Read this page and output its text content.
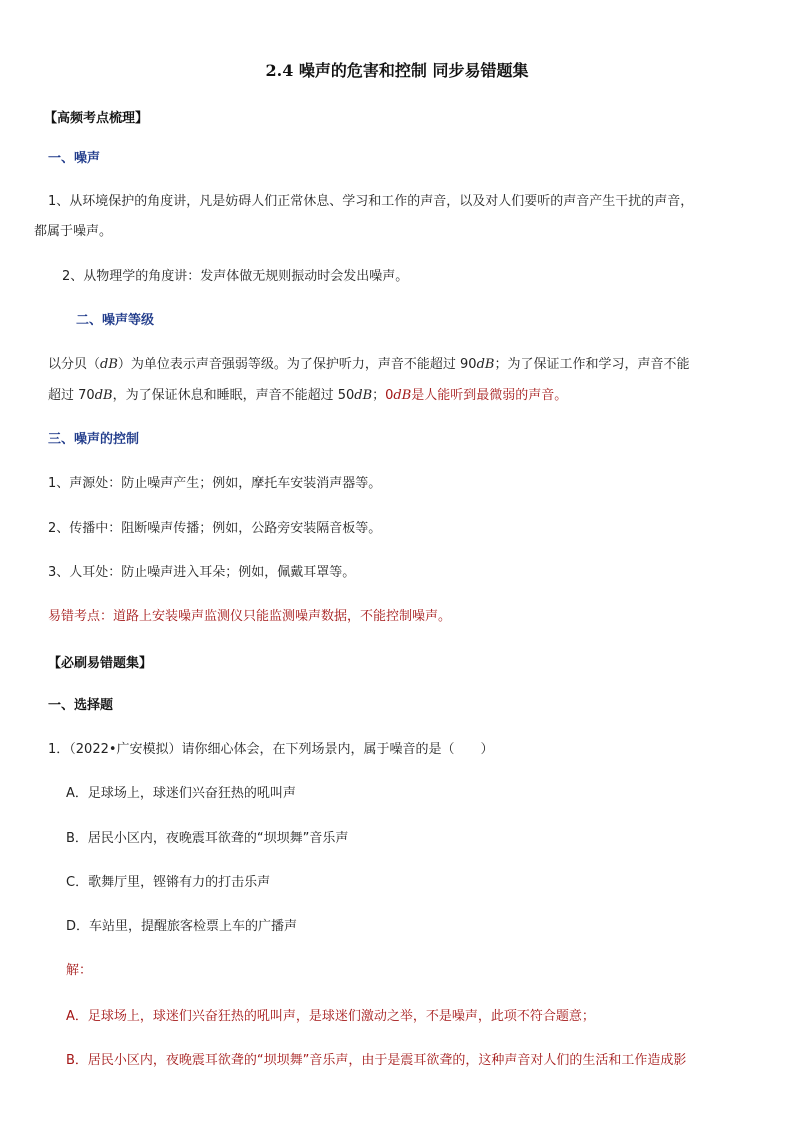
2.4 噪声的危害和控制 同步易错题集
【高频考点梳理】
一、噪声
1、从环境保护的角度讲，凡是妨碍人们正常休息、学习和工作的声音，以及对人们要听的声音产生干扰的声音，
都属于噪声。
2、从物理学的角度讲：发声体做无规则振动时会发出噪声。
二、噪声等级
以分贝（dB）为单位表示声音强弱等级。为了保护听力，声音不能超过 90dB；为了保证工作和学习，声音不能
超过 70dB，为了保证休息和睡眠，声音不能超过 50dB；0dB是人能听到最微弱的声音。
三、噪声的控制
1、声源处：防止噪声产生；例如，摩托车安装消声器等。
2、传播中：阻断噪声传播；例如，公路旁安装隔音板等。
3、人耳处：防止噪声进入耳朵；例如，佩戴耳罩等。
易错考点：道路上安装噪声监测仪只能监测噪声数据，不能控制噪声。
【必刷易错题集】
一、选择题
1．（2022•广安模拟）请你细心体会，在下列场景内，属于噪音的是（　　）
A．足球场上，球迷们兴奋狂热的吼叫声
B．居民小区内，夜晚震耳欲聋的“坝坝舞”音乐声
C．歌舞厅里，铿锵有力的打击乐声
D．车站里，提醒旅客检票上车的广播声
解：
A．足球场上，球迷们兴奋狂热的吼叫声，是球迷们激动之举，不是噪声，此项不符合题意；
B．居民小区内，夜晚震耳欲聋的“坝坝舞”音乐声，由于是震耳欲聋的，这种声音对人们的生活和工作造成影
